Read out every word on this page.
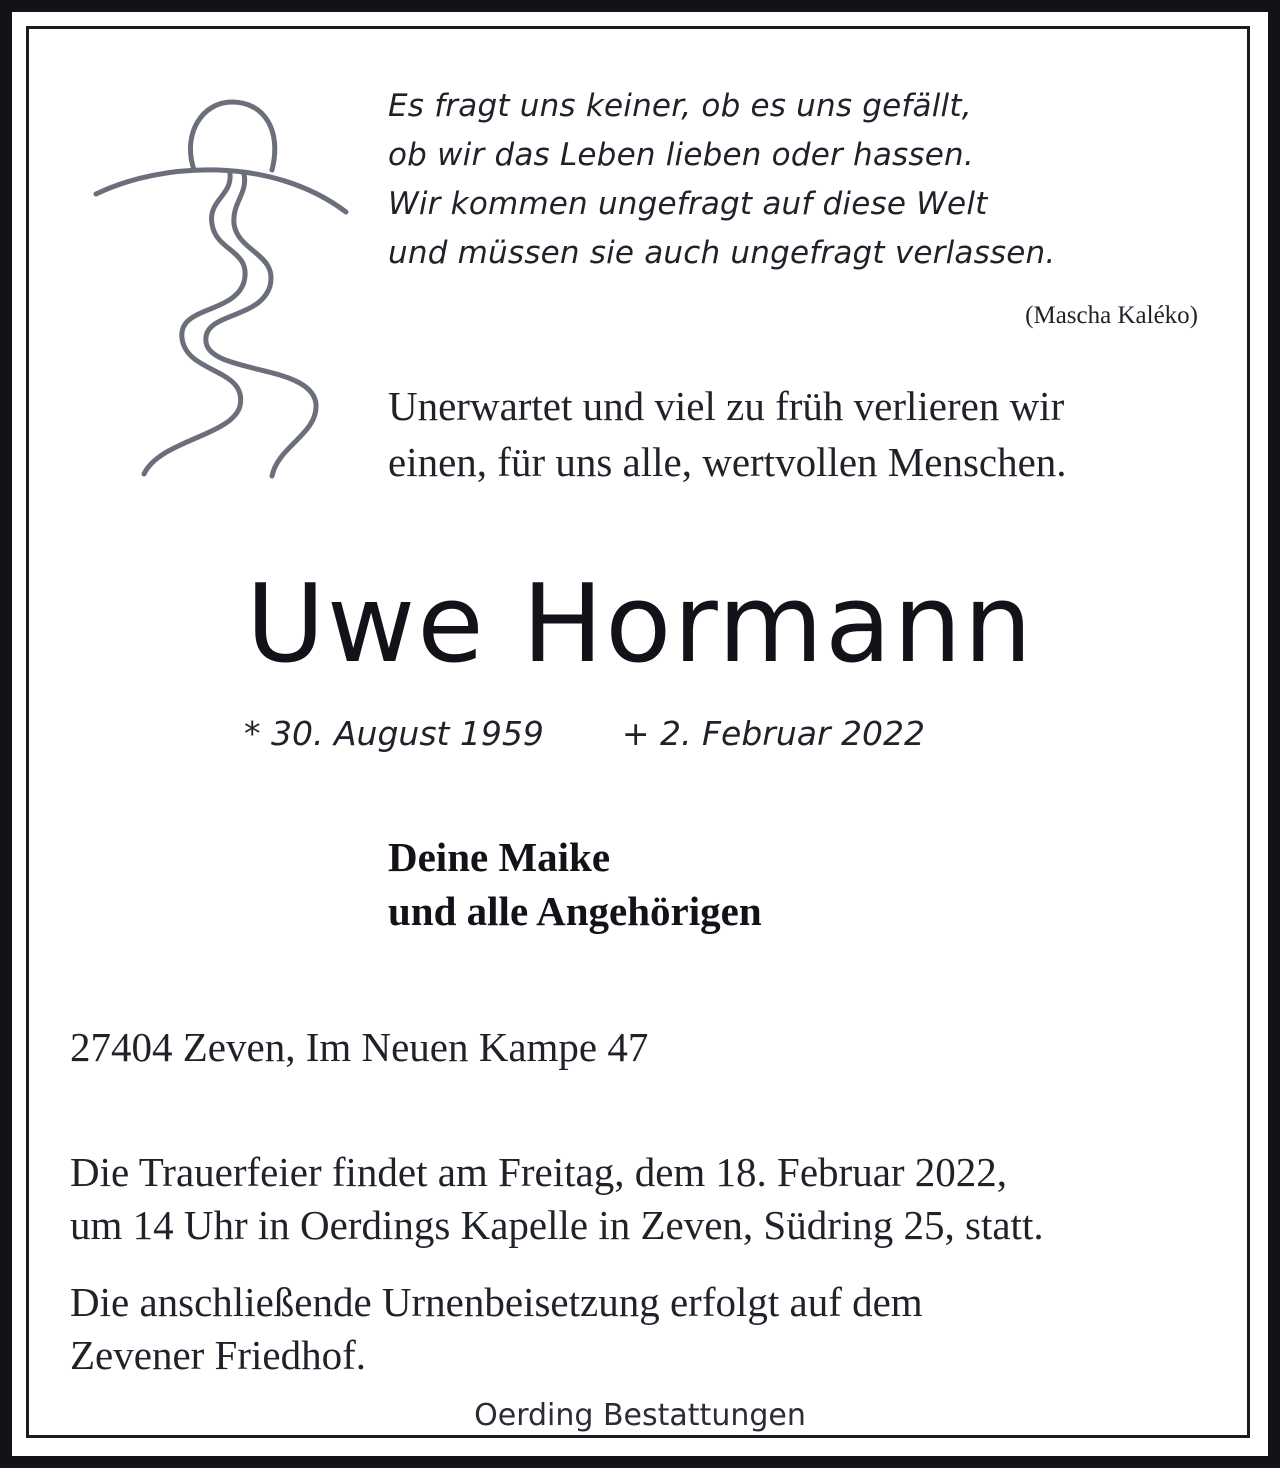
Es fragt uns keiner, ob es uns gefällt,
ob wir das Leben lieben oder hassen.
Wir kommen ungefragt auf diese Welt
und müssen sie auch ungefragt verlassen.
(Mascha Kaléko)
Unerwartet und viel zu früh verlieren wir
einen, für uns alle, wertvollen Menschen.
Uwe Hormann
* 30. August 1959 + 2. Februar 2022
Deine Maike
und alle Angehörigen
27404 Zeven, Im Neuen Kampe 47
Die Trauerfeier findet am Freitag, dem 18. Februar 2022,
um 14 Uhr in Oerdings Kapelle in Zeven, Südring 25, statt.
Die anschließende Urnenbeisetzung erfolgt auf dem
Zevener Friedhof.
Oerding Bestattungen
